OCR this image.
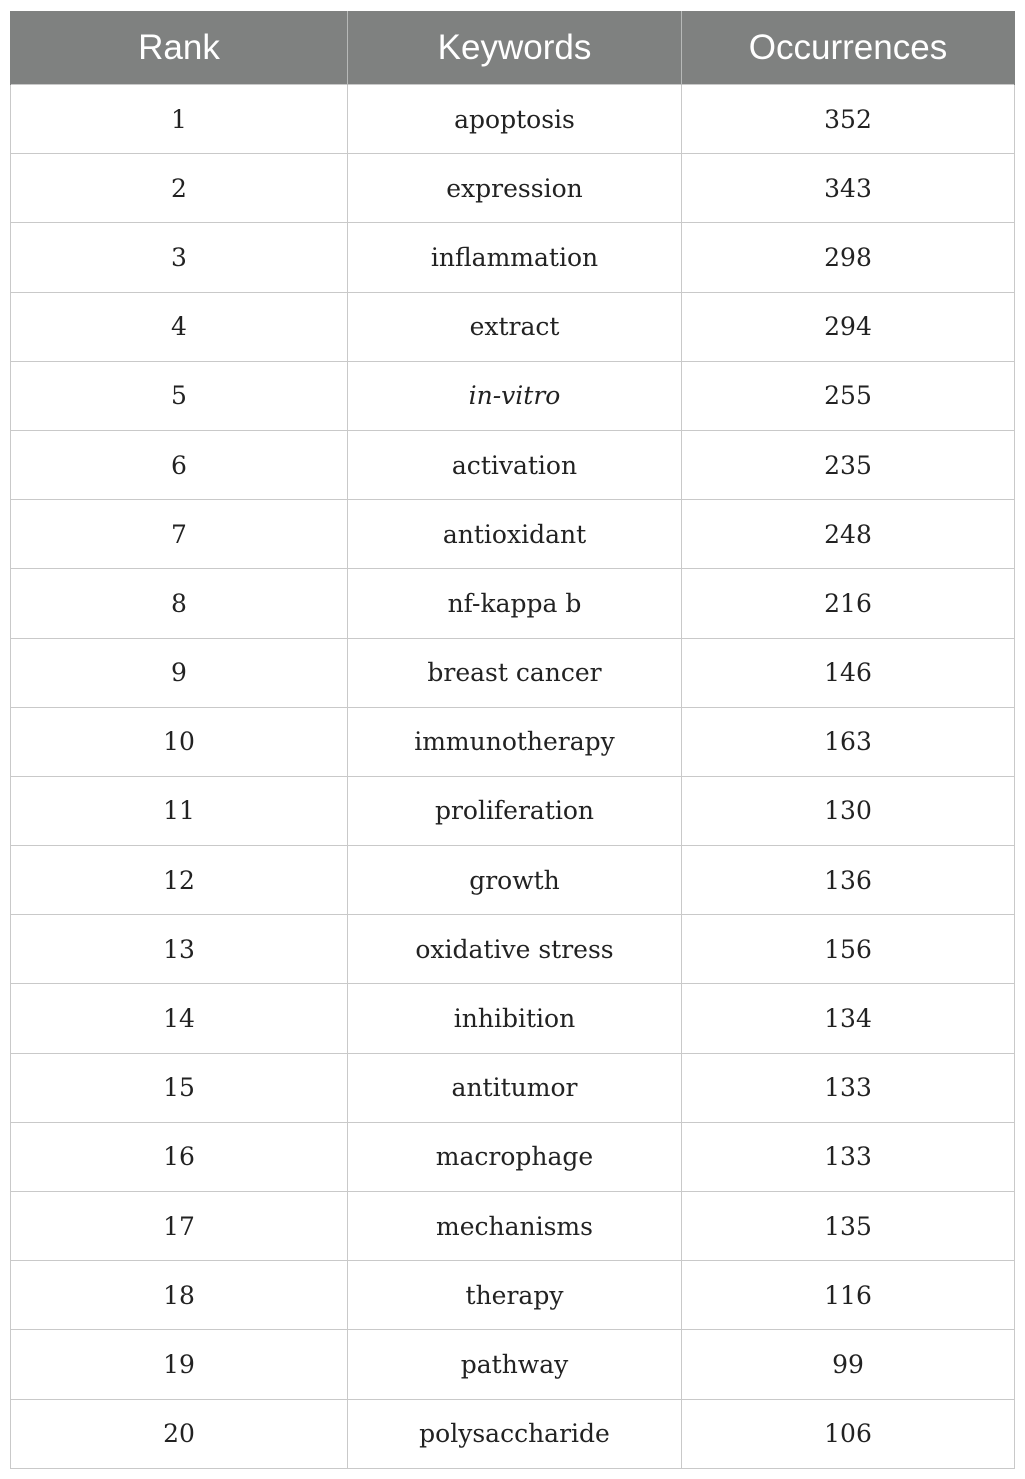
Rank	Keywords	Occurrences
1	apoptosis	352
2	expression	343
3	inflammation	298
4	extract	294
5	in-vitro	255
6	activation	235
7	antioxidant	248
8	nf-kappa b	216
9	breast cancer	146
10	immunotherapy	163
11	proliferation	130
12	growth	136
13	oxidative stress	156
14	inhibition	134
15	antitumor	133
16	macrophage	133
17	mechanisms	135
18	therapy	116
19	pathway	99
20	polysaccharide	106
